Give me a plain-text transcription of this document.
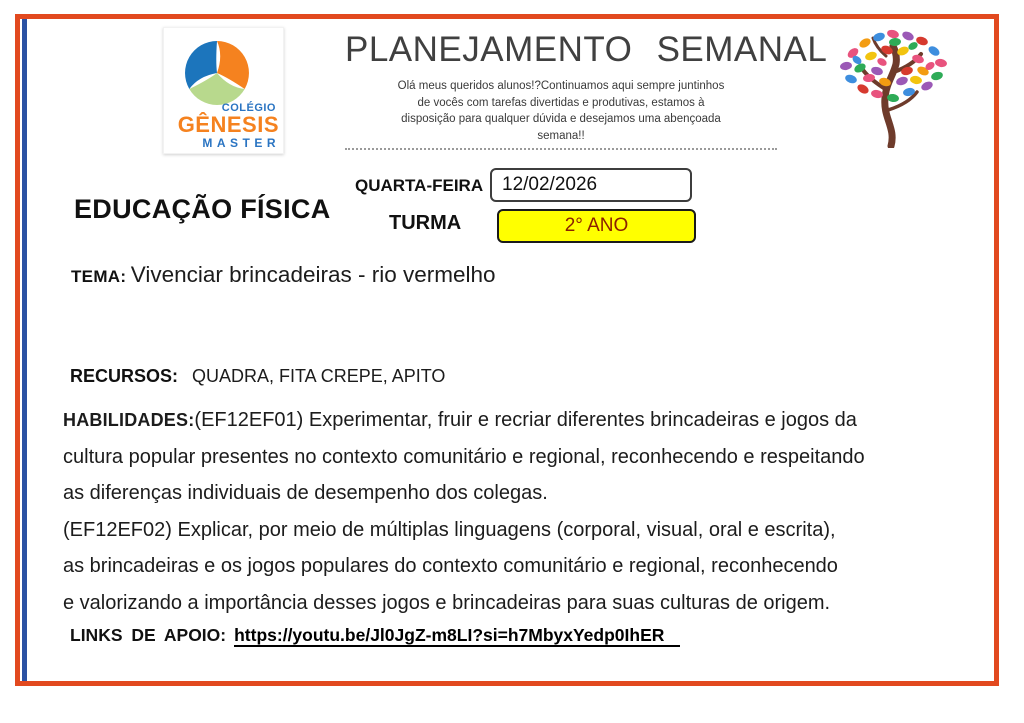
COLÉGIO
GÊNESIS
MASTER
PLANEJAMENTO SEMANAL
Olá meus queridos alunos!?Continuamos aqui sempre juntinhos
de vocês com tarefas divertidas e produtivas, estamos à
disposição para qualquer dúvida e desejamos uma abençoada
semana!!
QUARTA-FEIRA 12/02/2026
TURMA	2° ANO
EDUCAÇÃO FÍSICA
TEMA: Vivenciar brincadeiras - rio vermelho
RECURSOS: QUADRA, FITA CREPE, APITO
HABILIDADES:(EF12EF01) Experimentar, fruir e recriar diferentes brincadeiras e jogos da
cultura popular presentes no contexto comunitário e regional, reconhecendo e respeitando
as diferenças individuais de desempenho dos colegas.
(EF12EF02) Explicar, por meio de múltiplas linguagens (corporal, visual, oral e escrita),
as brincadeiras e os jogos populares do contexto comunitário e regional, reconhecendo
e valorizando a importância desses jogos e brincadeiras para suas culturas de origem.
LINKS DE APOIO: https://youtu.be/Jl0JgZ-m8LI?si=h7MbyxYedp0IhER
